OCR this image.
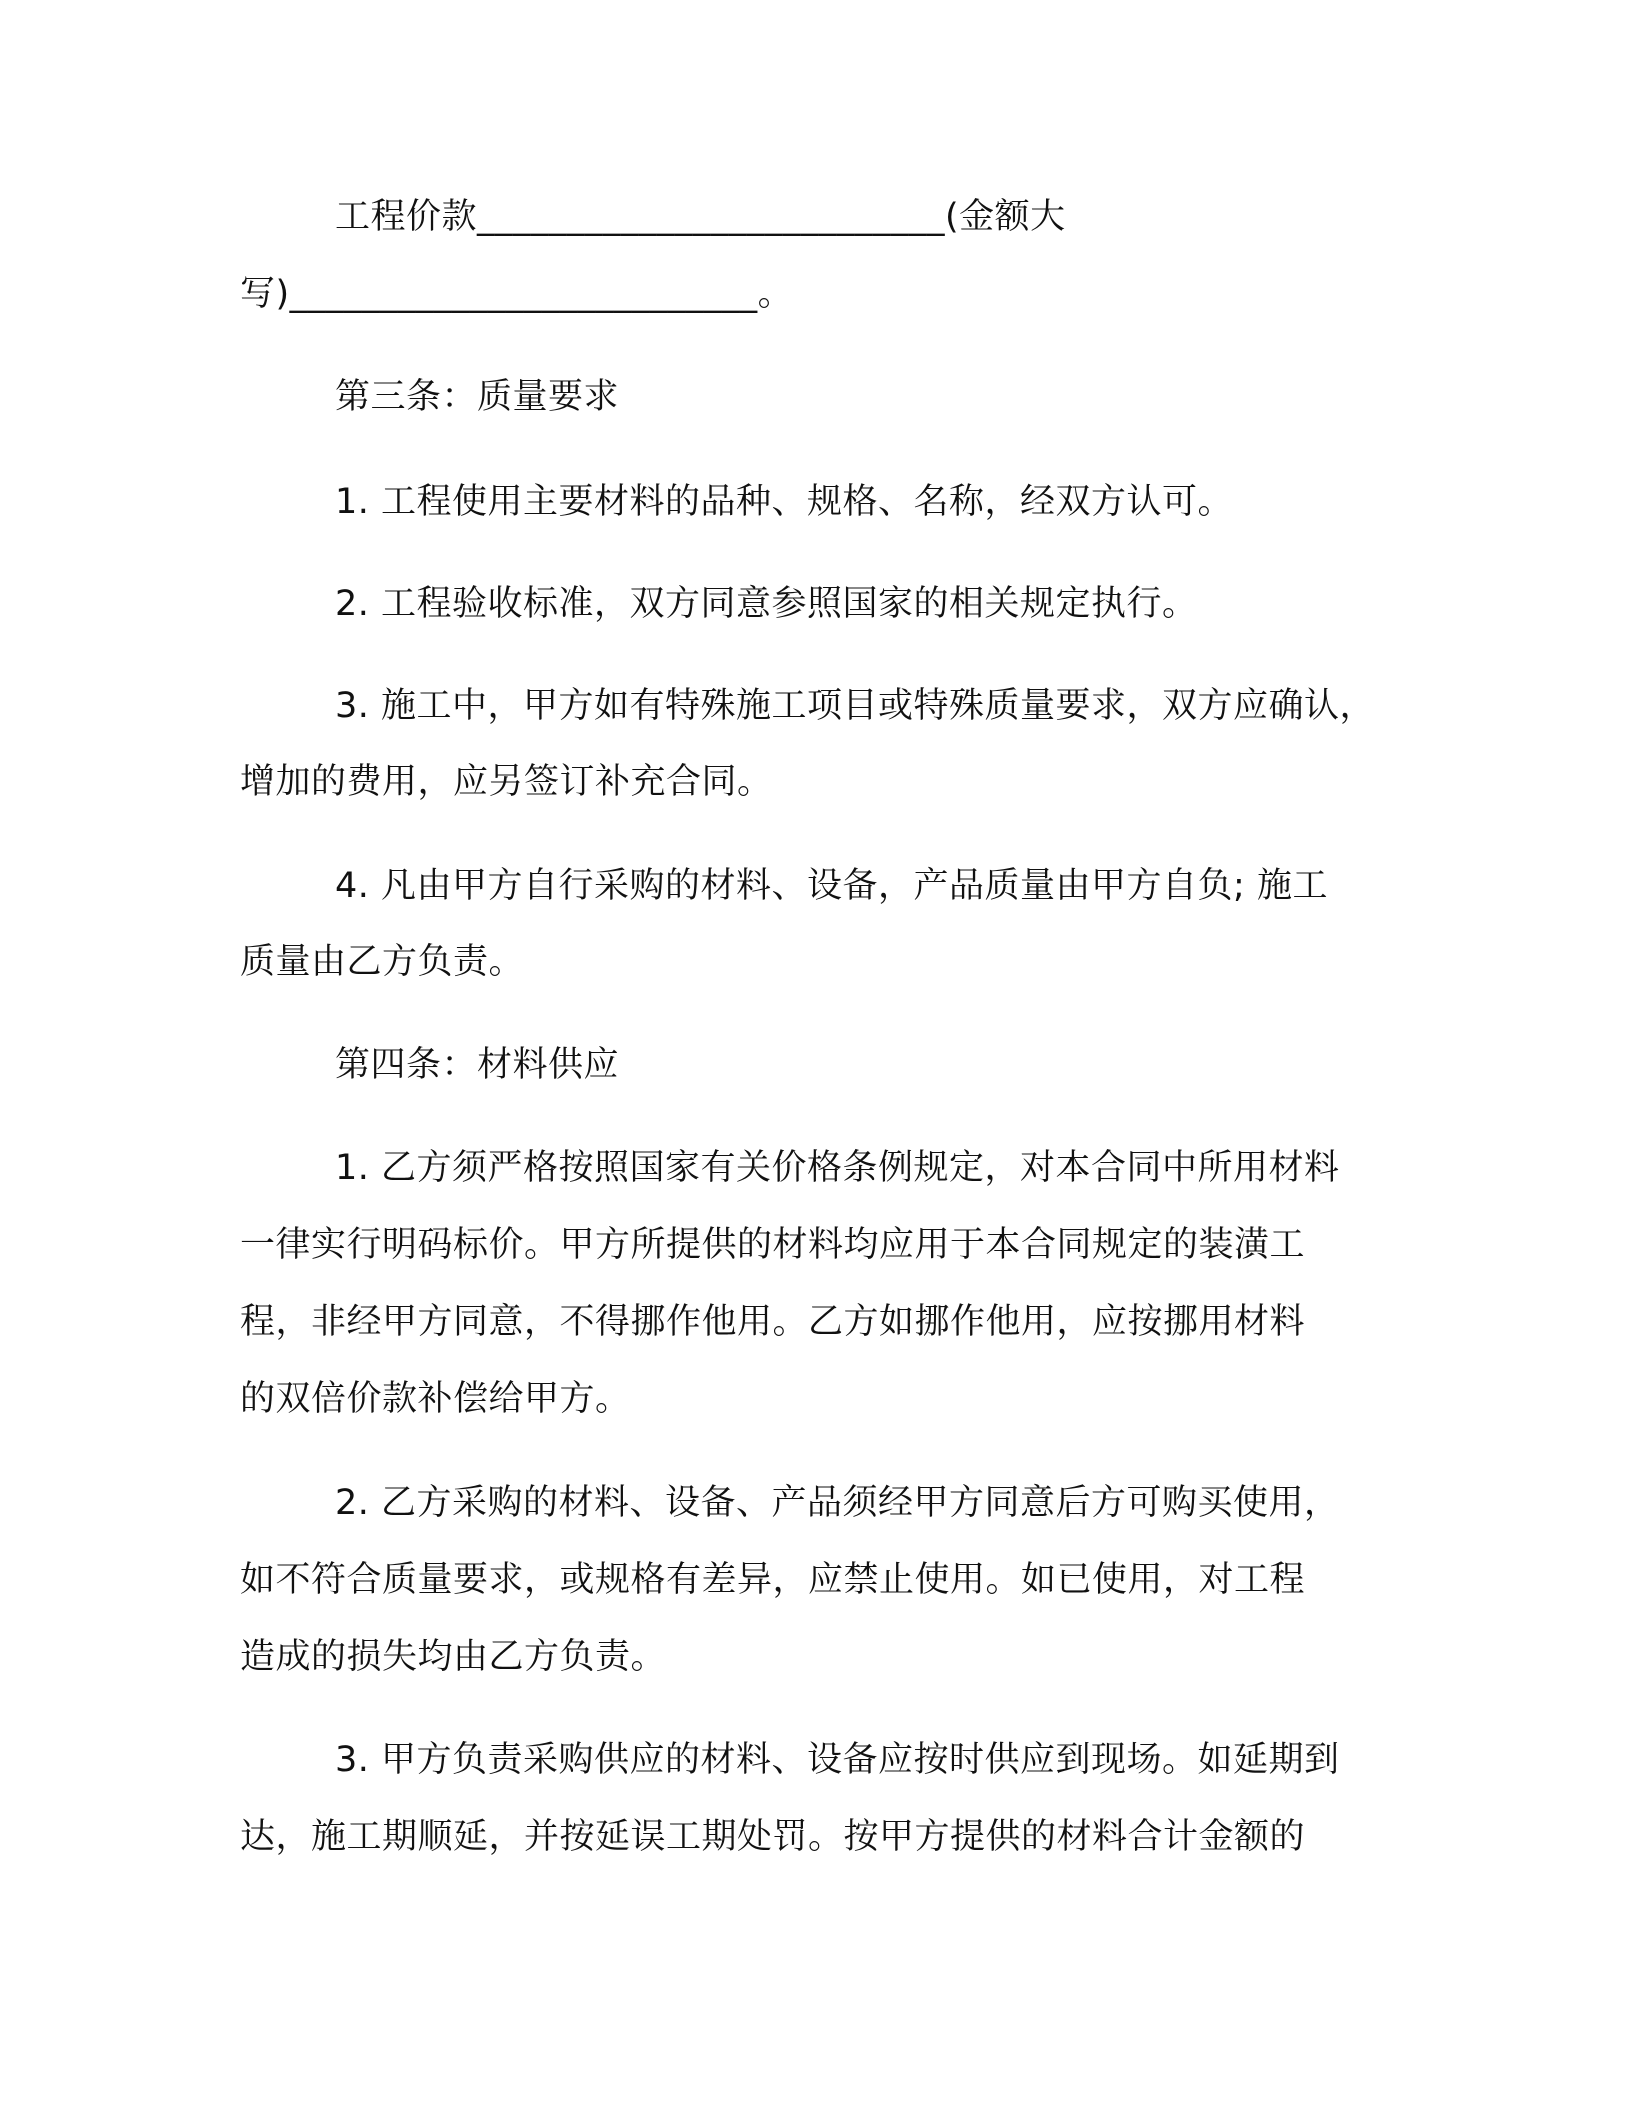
工程价款__________________________(金额大
写)__________________________。
第三条：质量要求
1. 工程使用主要材料的品种、规格、名称，经双方认可。
2. 工程验收标准，双方同意参照国家的相关规定执行。
3. 施工中，甲方如有特殊施工项目或特殊质量要求，双方应确认，
增加的费用，应另签订补充合同。
4. 凡由甲方自行采购的材料、设备，产品质量由甲方自负; 施工
质量由乙方负责。
第四条：材料供应
1. 乙方须严格按照国家有关价格条例规定，对本合同中所用材料
一律实行明码标价。甲方所提供的材料均应用于本合同规定的装潢工
程，非经甲方同意，不得挪作他用。乙方如挪作他用，应按挪用材料
的双倍价款补偿给甲方。
2. 乙方采购的材料、设备、产品须经甲方同意后方可购买使用，
如不符合质量要求，或规格有差异，应禁止使用。如已使用，对工程
造成的损失均由乙方负责。
3. 甲方负责采购供应的材料、设备应按时供应到现场。如延期到
达，施工期顺延，并按延误工期处罚。按甲方提供的材料合计金额的
